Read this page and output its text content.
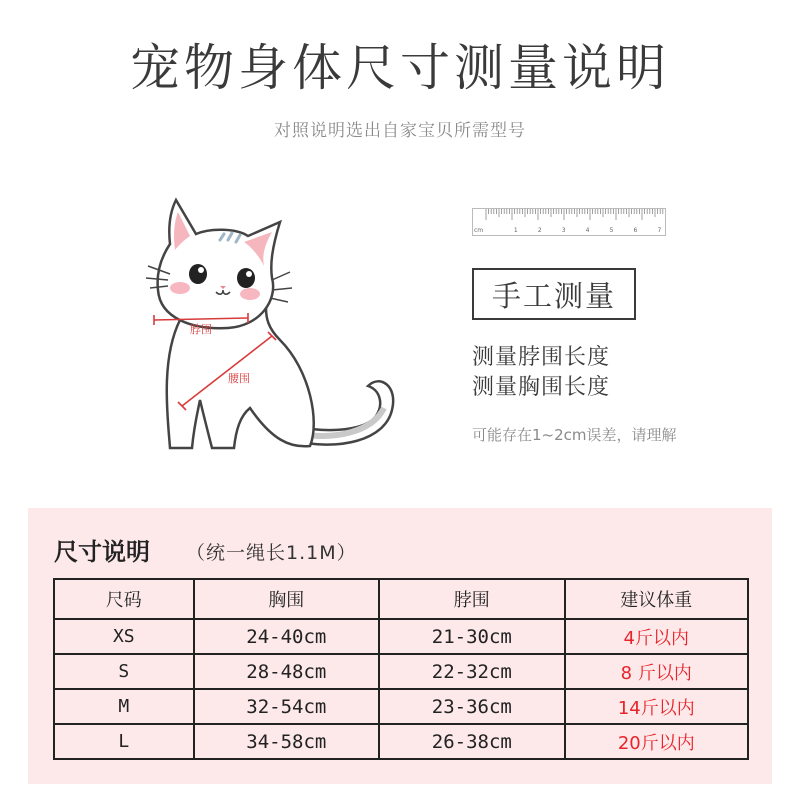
宠物身体尺寸测量说明
对照说明选出自家宝贝所需型号
脖围
腰围
cm	1	2	3	4	5	6	7
手工测量
测量脖围长度
测量胸围长度
可能存在1~2cm误差，请理解
尺寸说明 （统一绳长1.1M）
尺码	胸围	脖围	建议体重
XS	24-40cm	21-30cm	4斤以内
S	28-48cm	22-32cm	8 斤以内
M	32-54cm	23-36cm	14斤以内
L	34-58cm	26-38cm	20斤以内
